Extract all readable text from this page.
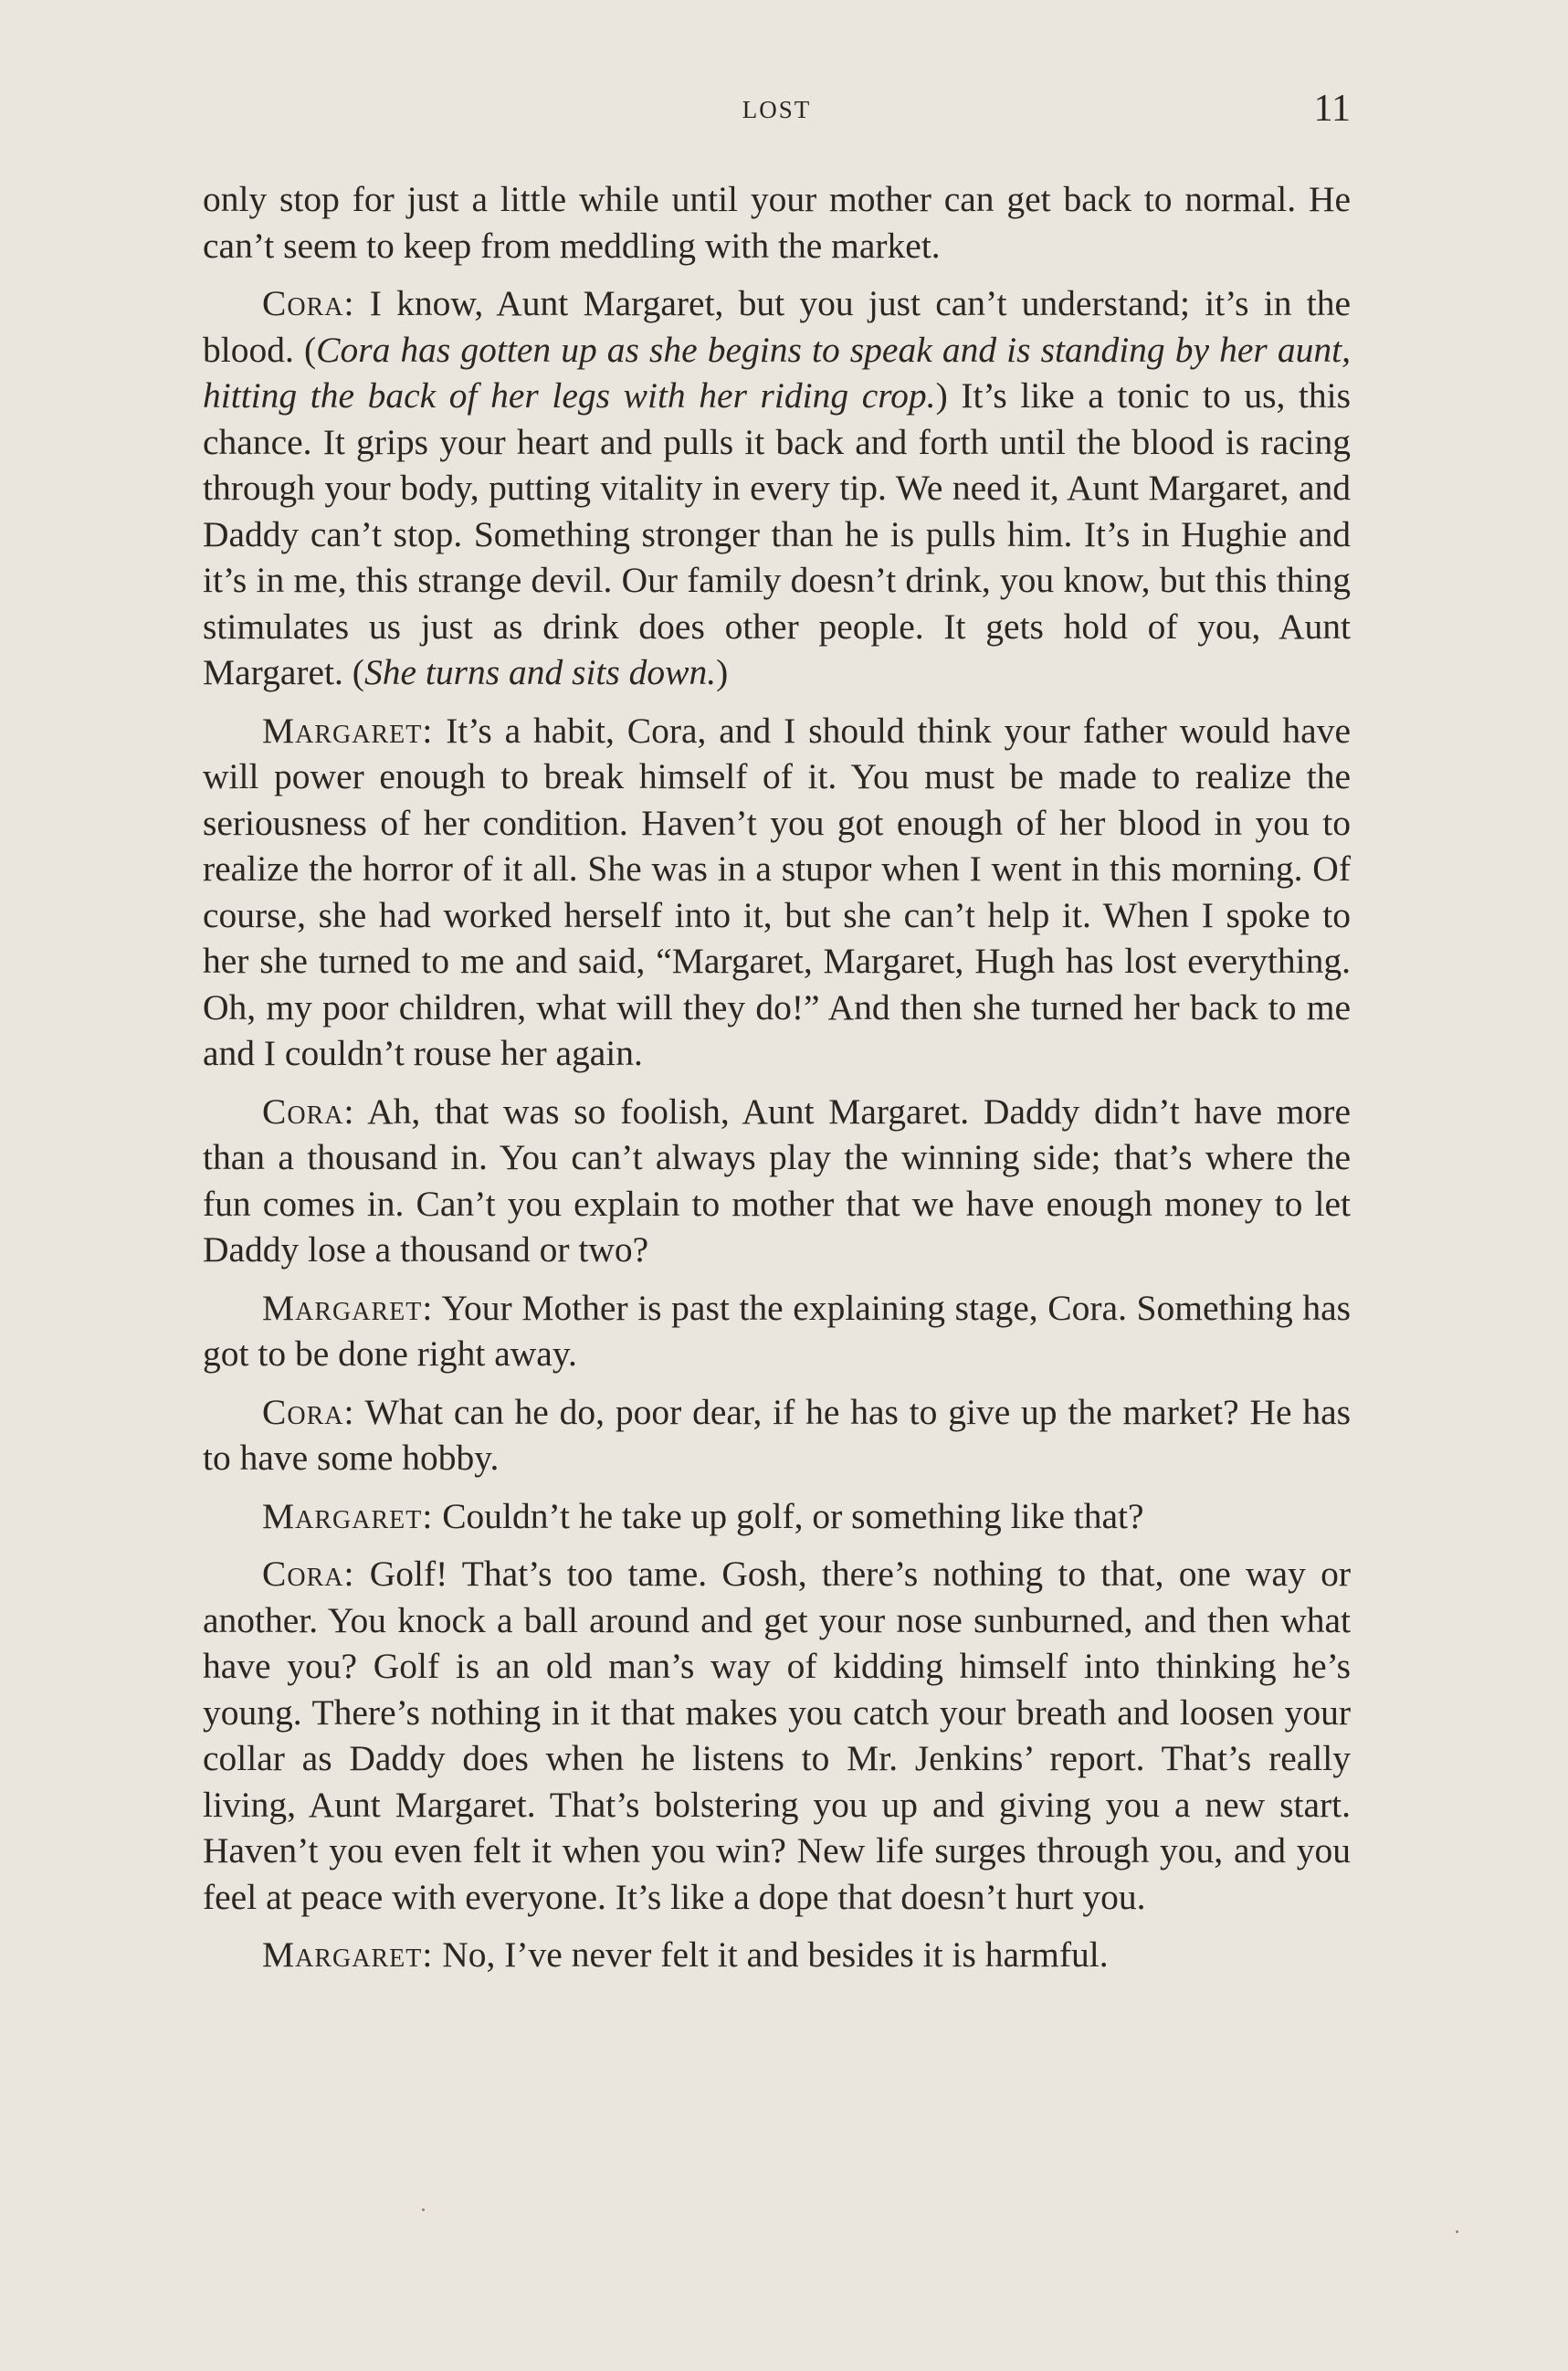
LOST	11

only stop for just a little while until your mother can get back to normal. He can’t seem to keep from meddling with the market.

Cora: I know, Aunt Margaret, but you just can’t understand; it’s in the blood. (Cora has gotten up as she begins to speak and is standing by her aunt, hitting the back of her legs with her riding crop.) It’s like a tonic to us, this chance. It grips your heart and pulls it back and forth until the blood is racing through your body, putting vitality in every tip. We need it, Aunt Margaret, and Daddy can’t stop. Something stronger than he is pulls him. It’s in Hughie and it’s in me, this strange devil. Our family doesn’t drink, you know, but this thing stimulates us just as drink does other people. It gets hold of you, Aunt Margaret. (She turns and sits down.)

Margaret: It’s a habit, Cora, and I should think your father would have will power enough to break himself of it. You must be made to realize the seriousness of her condition. Haven’t you got enough of her blood in you to realize the horror of it all. She was in a stupor when I went in this morning. Of course, she had worked herself into it, but she can’t help it. When I spoke to her she turned to me and said, “Margaret, Margaret, Hugh has lost everything. Oh, my poor children, what will they do!” And then she turned her back to me and I couldn’t rouse her again.

Cora: Ah, that was so foolish, Aunt Margaret. Daddy didn’t have more than a thousand in. You can’t always play the winning side; that’s where the fun comes in. Can’t you explain to mother that we have enough money to let Daddy lose a thousand or two?

Margaret: Your Mother is past the explaining stage, Cora. Something has got to be done right away.

Cora: What can he do, poor dear, if he has to give up the market? He has to have some hobby.

Margaret: Couldn’t he take up golf, or something like that?

Cora: Golf! That’s too tame. Gosh, there’s nothing to that, one way or another. You knock a ball around and get your nose sunburned, and then what have you? Golf is an old man’s way of kidding himself into thinking he’s young. There’s nothing in it that makes you catch your breath and loosen your collar as Daddy does when he listens to Mr. Jenkins’ report. That’s really living, Aunt Margaret. That’s bolstering you up and giving you a new start. Haven’t you even felt it when you win? New life surges through you, and you feel at peace with everyone. It’s like a dope that doesn’t hurt you.

Margaret: No, I’ve never felt it and besides it is harmful.
